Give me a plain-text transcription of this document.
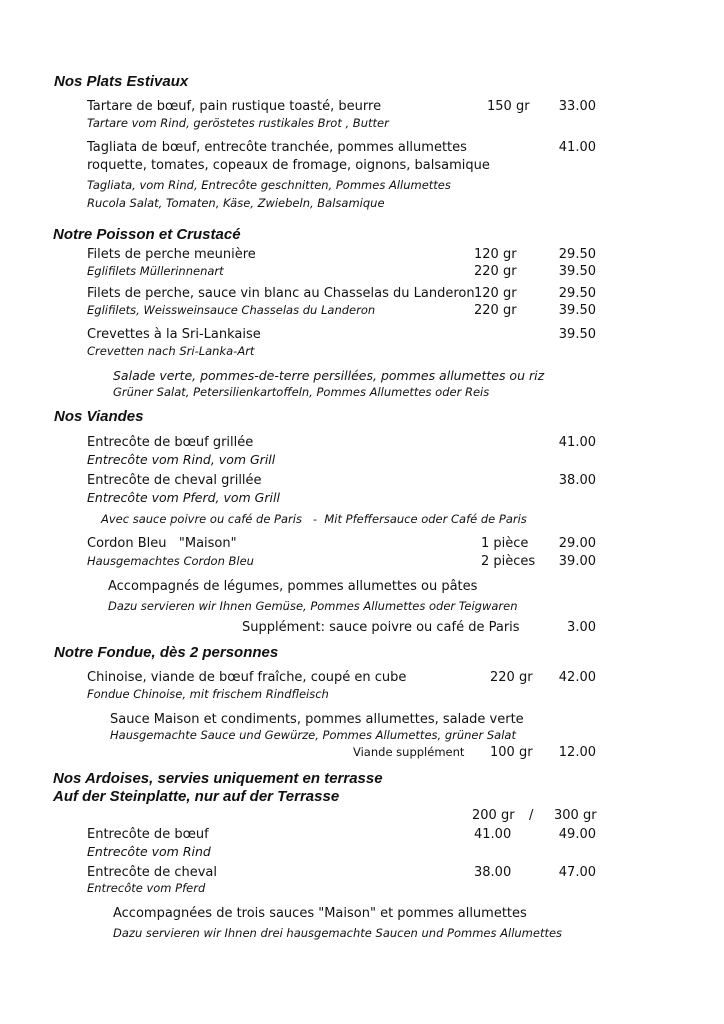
Nos Plats Estivaux
Tartare de bœuf, pain rustique toasté, beurre	150 gr	33.00
Tartare vom Rind, geröstetes rustikales Brot , Butter
Tagliata de bœuf, entrecôte tranchée, pommes allumettes	41.00
roquette, tomates, copeaux de fromage, oignons, balsamique
Tagliata, vom Rind, Entrecôte geschnitten, Pommes Allumettes
Rucola Salat, Tomaten, Käse, Zwiebeln, Balsamique
Notre Poisson et Crustacé
Filets de perche meunière	120 gr	29.50
Eglifilets Müllerinnenart	220 gr	39.50
Filets de perche, sauce vin blanc au Chasselas du Landeron 120 gr	29.50
Eglifilets, Weissweinsauce Chasselas du Landeron	220 gr	39.50
Crevettes à la Sri-Lankaise	39.50
Crevetten nach Sri-Lanka-Art
Salade verte, pommes-de-terre persillées, pommes allumettes ou riz
Grüner Salat, Petersilienkartoffeln, Pommes Allumettes oder Reis
Nos Viandes
Entrecôte de bœuf grillée	41.00
Entrecôte vom Rind, vom Grill
Entrecôte de cheval grillée	38.00
Entrecôte vom Pferd, vom Grill
Avec sauce poivre ou café de Paris   -  Mit Pfeffersauce oder Café de Paris
Cordon Bleu   "Maison"	1 pièce	29.00
Hausgemachtes Cordon Bleu	2 pièces	39.00
Accompagnés de légumes, pommes allumettes ou pâtes
Dazu servieren wir Ihnen Gemüse, Pommes Allumettes oder Teigwaren
Supplément: sauce poivre ou café de Paris	3.00
Notre Fondue, dès 2 personnes
Chinoise, viande de bœuf fraîche, coupé en cube	220 gr	42.00
Fondue Chinoise, mit frischem Rindfleisch
Sauce Maison et condiments, pommes allumettes, salade verte
Hausgemachte Sauce und Gewürze, Pommes Allumettes, grüner Salat
Viande supplément 100 gr	12.00
Nos Ardoises, servies uniquement en terrasse
Auf der Steinplatte, nur auf der Terrasse
200 gr / 300 gr
Entrecôte de bœuf	41.00	49.00
Entrecôte vom Rind
Entrecôte de cheval	38.00	47.00
Entrecôte vom Pferd
Accompagnées de trois sauces "Maison" et pommes allumettes
Dazu servieren wir Ihnen drei hausgemachte Saucen und Pommes Allumettes
